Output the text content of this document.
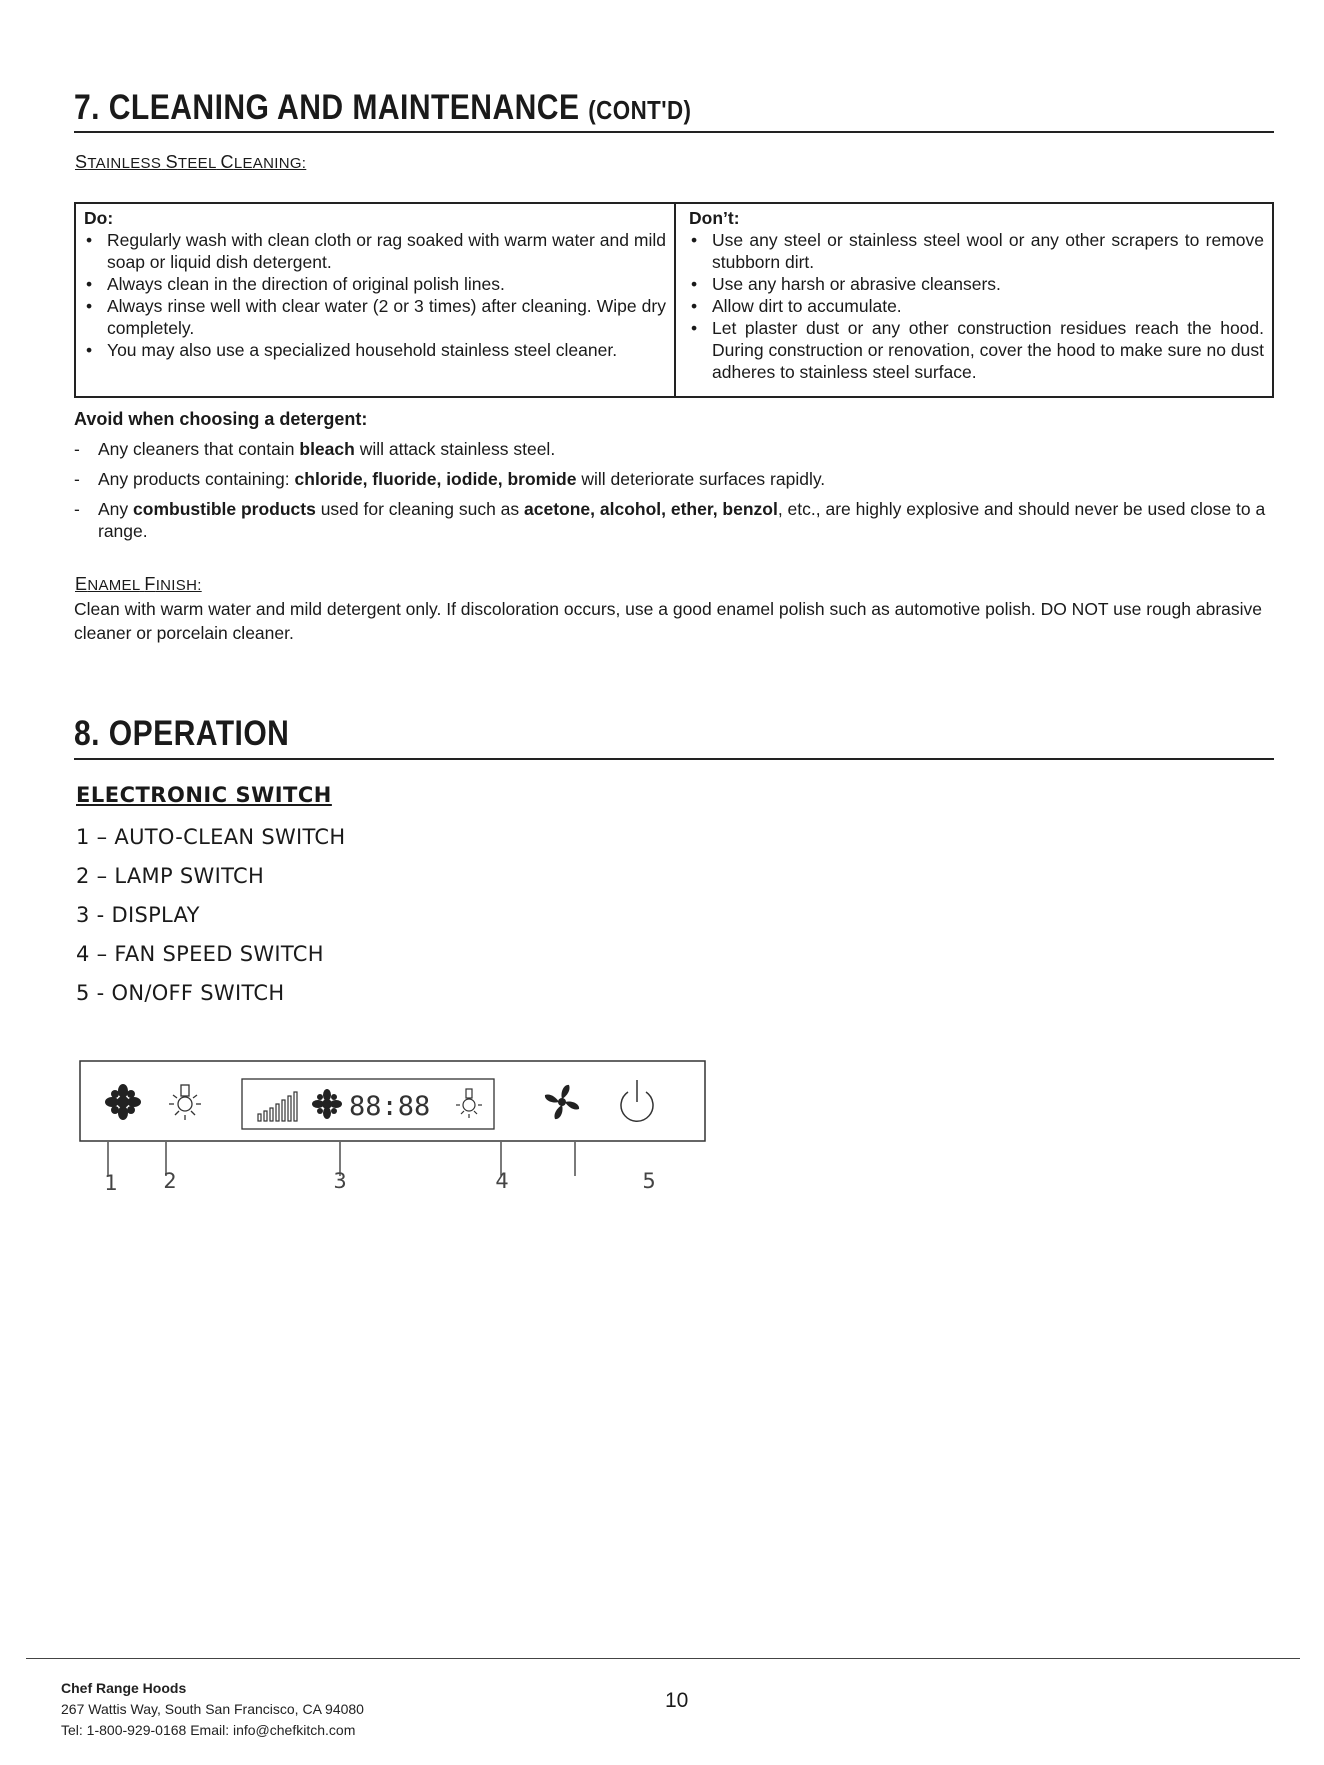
7. CLEANING AND MAINTENANCE (CONT'D)
STAINLESS STEEL CLEANING:
Do:
• Regularly wash with clean cloth or rag soaked with warm water and mild soap or liquid dish detergent.
• Always clean in the direction of original polish lines.
• Always rinse well with clear water (2 or 3 times) after cleaning. Wipe dry completely.
• You may also use a specialized household stainless steel cleaner.
Don’t:
• Use any steel or stainless steel wool or any other scrapers to remove stubborn dirt.
• Use any harsh or abrasive cleansers.
• Allow dirt to accumulate.
• Let plaster dust or any other construction residues reach the hood. During construction or renovation, cover the hood to make sure no dust adheres to stainless steel surface.
Avoid when choosing a detergent:
- Any cleaners that contain bleach will attack stainless steel.
- Any products containing: chloride, fluoride, iodide, bromide will deteriorate surfaces rapidly.
- Any combustible products used for cleaning such as acetone, alcohol, ether, benzol, etc., are highly explosive and should never be used close to a range.
ENAMEL FINISH:
Clean with warm water and mild detergent only. If discoloration occurs, use a good enamel polish such as automotive polish. DO NOT use rough abrasive cleaner or porcelain cleaner.
8. OPERATION
ELECTRONIC SWITCH
1 – AUTO-CLEAN SWITCH
2 – LAMP SWITCH
3 - DISPLAY
4 – FAN SPEED SWITCH
5 - ON/OFF SWITCH
88:88
1 2	3	4	5
Chef Range Hoods
267 Wattis Way, South San Francisco, CA 94080
Tel: 1-800-929-0168 Email: info@chefkitch.com
10
